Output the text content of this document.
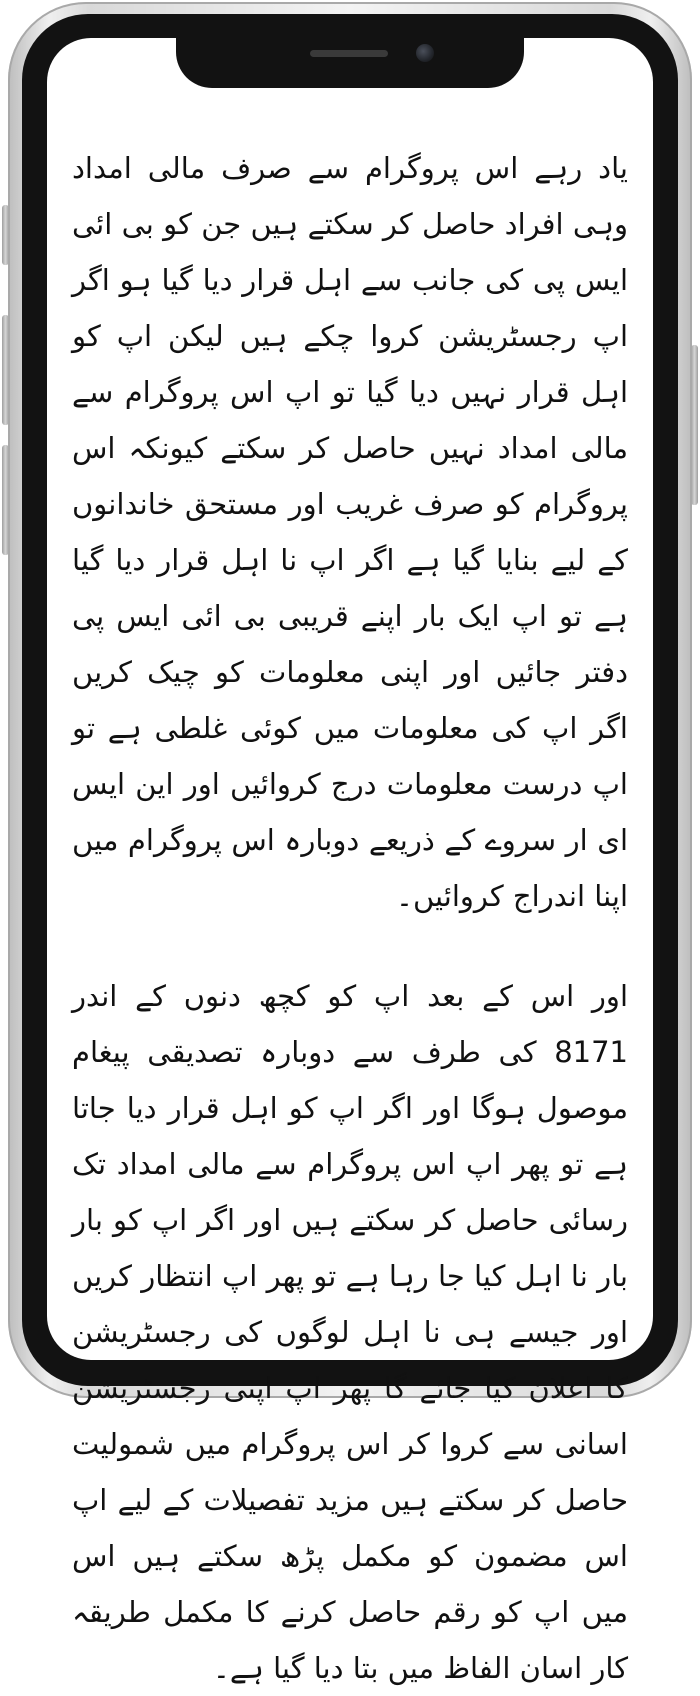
یاد رہے اس پروگرام سے صرف مالی امداد وہی افراد حاصل کر سکتے ہیں جن کو بی ائی ایس پی کی جانب سے اہل قرار دیا گیا ہو اگر اپ رجسٹریشن کروا چکے ہیں لیکن اپ کو اہل قرار نہیں دیا گیا تو اپ اس پروگرام سے مالی امداد نہیں حاصل کر سکتے کیونکہ اس پروگرام کو صرف غریب اور مستحق خاندانوں کے لیے بنایا گیا ہے اگر اپ نا اہل قرار دیا گیا ہے تو اپ ایک بار اپنے قریبی بی ائی ایس پی دفتر جائیں اور اپنی معلومات کو چیک کریں اگر اپ کی معلومات میں کوئی غلطی ہے تو اپ درست معلومات درج کروائیں اور این ایس ای ار سروے کے ذریعے دوبارہ اس پروگرام میں اپنا اندراج کروائیں۔

اور اس کے بعد اپ کو کچھ دنوں کے اندر 8171 کی طرف سے دوبارہ تصدیقی پیغام موصول ہوگا اور اگر اپ کو اہل قرار دیا جاتا ہے تو پھر اپ اس پروگرام سے مالی امداد تک رسائی حاصل کر سکتے ہیں اور اگر اپ کو بار بار نا اہل کیا جا رہا ہے تو پھر اپ انتظار کریں اور جیسے ہی نا اہل لوگوں کی رجسٹریشن کا اعلان کیا جائے گا پھر اپ اپنی رجسٹریشن اسانی سے کروا کر اس پروگرام میں شمولیت حاصل کر سکتے ہیں مزید تفصیلات کے لیے اپ اس مضمون کو مکمل پڑھ سکتے ہیں اس میں اپ کو رقم حاصل کرنے کا مکمل طریقہ کار اسان الفاظ میں بتا دیا گیا ہے۔
